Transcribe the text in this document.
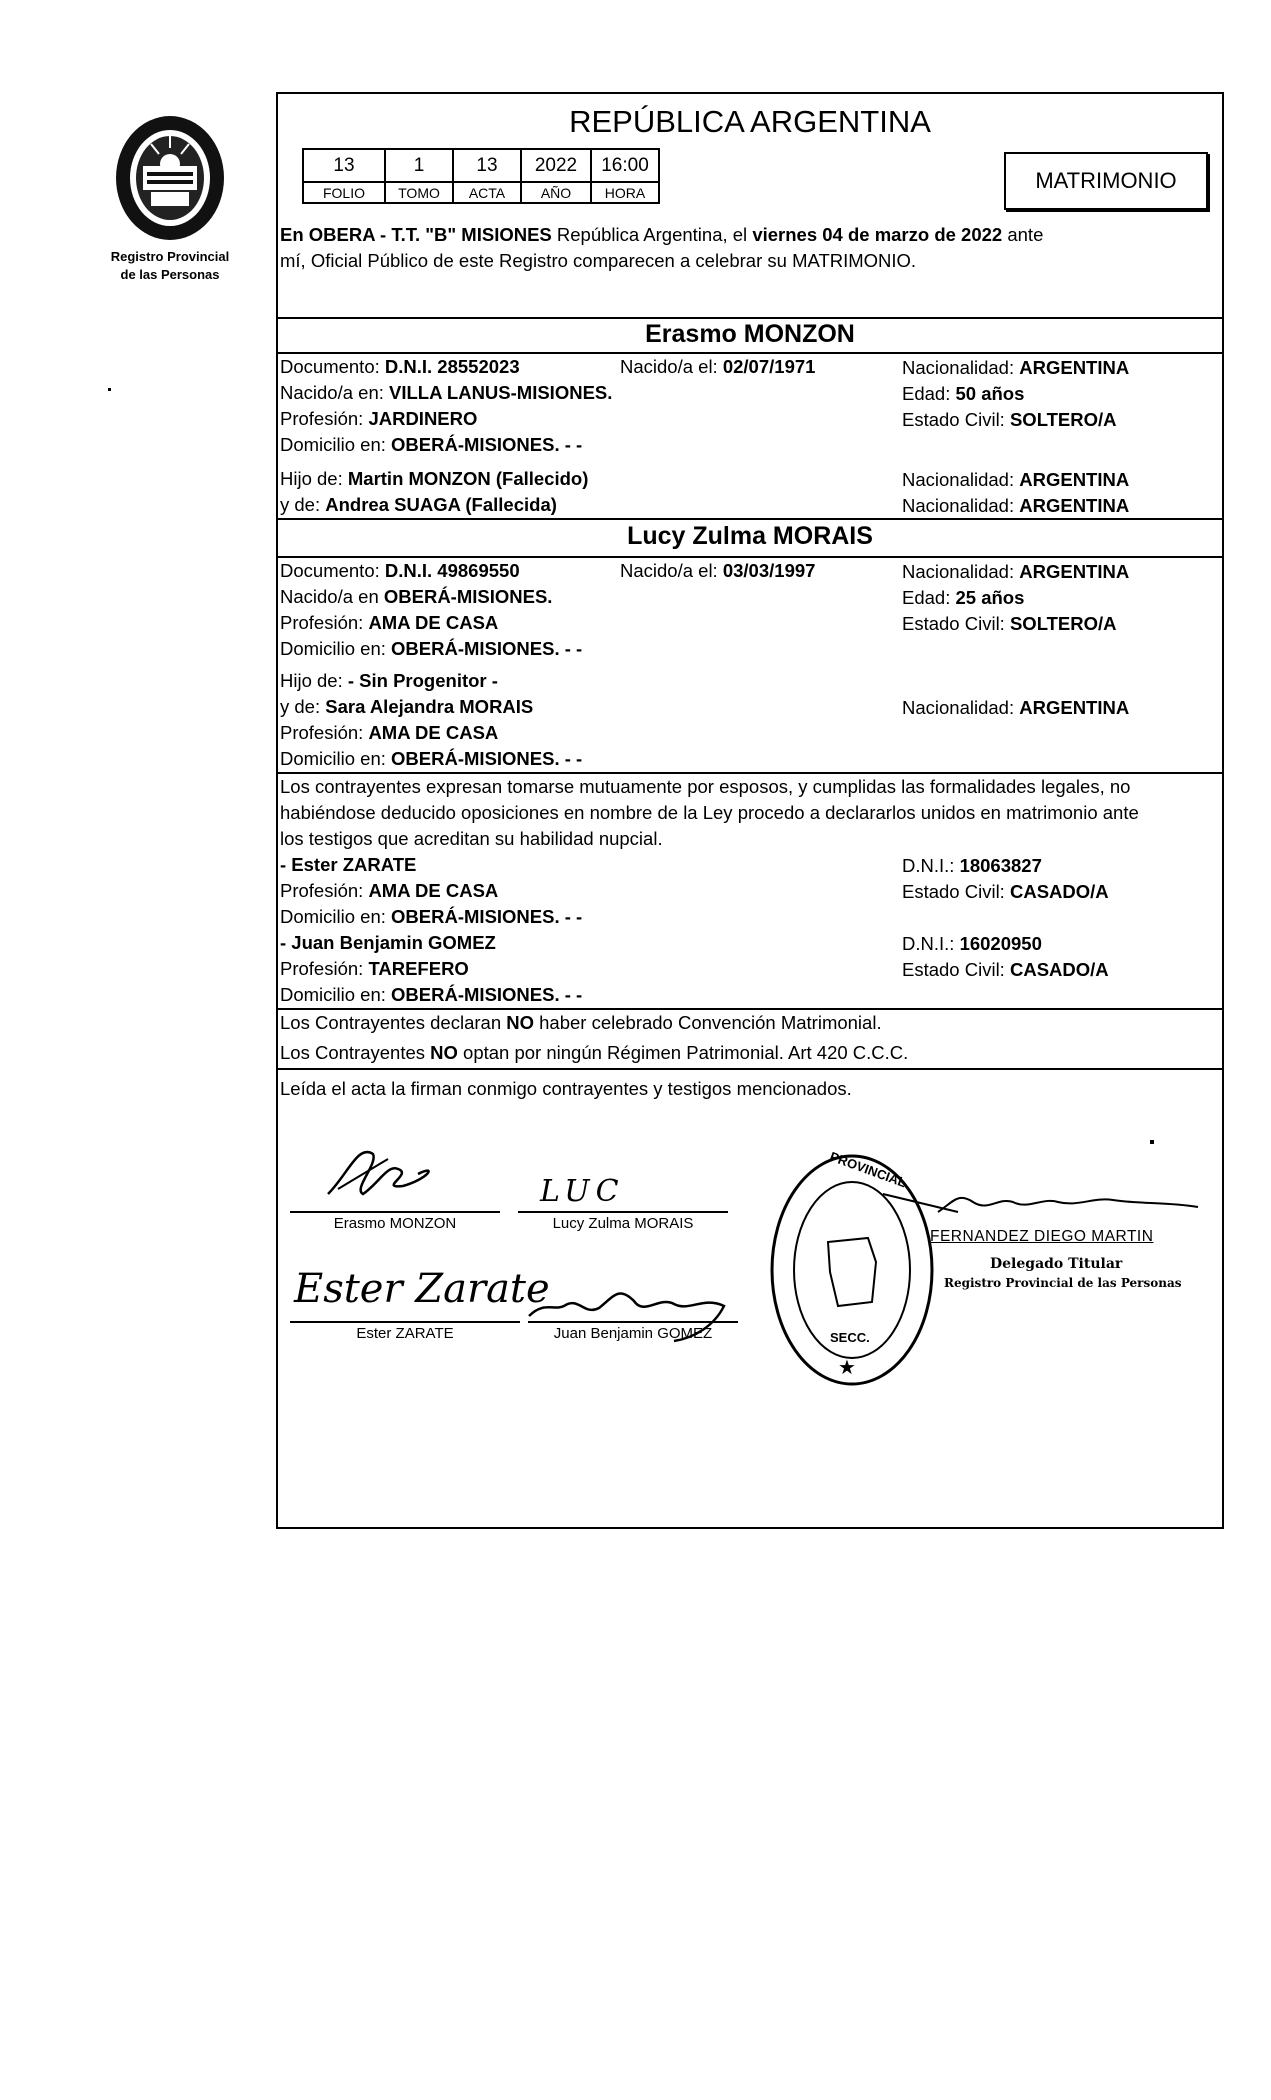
Registro Provincial
de las Personas
REPÚBLICA ARGENTINA
13	1	13	2022	16:00
FOLIO	TOMO	ACTA	AÑO	HORA	MATRIMONIO
En OBERA - T.T. "B" MISIONES República Argentina, el viernes 04 de marzo de 2022 ante
mí, Oficial Público de este Registro comparecen a celebrar su MATRIMONIO.
Erasmo MONZON
Documento: D.N.I. 28552023	Nacido/a el: 02/07/1971	Nacionalidad: ARGENTINA
Nacido/a en: VILLA LANUS-MISIONES.	Edad: 50 años
Profesión: JARDINERO	Estado Civil: SOLTERO/A
Domicilio en: OBERÁ-MISIONES. - -
Hijo de: Martin MONZON (Fallecido)	Nacionalidad: ARGENTINA
y de: Andrea SUAGA (Fallecida)	Nacionalidad: ARGENTINA
Lucy Zulma MORAIS
Documento: D.N.I. 49869550	Nacido/a el: 03/03/1997	Nacionalidad: ARGENTINA
Nacido/a en OBERÁ-MISIONES.	Edad: 25 años
Profesión: AMA DE CASA	Estado Civil: SOLTERO/A
Domicilio en: OBERÁ-MISIONES. - -
Hijo de: - Sin Progenitor -
y de: Sara Alejandra MORAIS	Nacionalidad: ARGENTINA
Profesión: AMA DE CASA
Domicilio en: OBERÁ-MISIONES. - -
Los contrayentes expresan tomarse mutuamente por esposos, y cumplidas las formalidades legales, no
habiéndose deducido oposiciones en nombre de la Ley procedo a declararlos unidos en matrimonio ante
los testigos que acreditan su habilidad nupcial.
- Ester ZARATE	D.N.I.: 18063827
Profesión: AMA DE CASA	Estado Civil: CASADO/A
Domicilio en: OBERÁ-MISIONES. - -
- Juan Benjamin GOMEZ	D.N.I.: 16020950
Profesión: TAREFERO	Estado Civil: CASADO/A
Domicilio en: OBERÁ-MISIONES. - -
Los Contrayentes declaran NO haber celebrado Convención Matrimonial.
Los Contrayentes NO optan por ningún Régimen Patrimonial. Art 420 C.C.C.
Leída el acta la firman conmigo contrayentes y testigos mencionados.
Erasmo MONZON
LUC
Lucy Zulma MORAIS
Ester Zarate
Ester ZARATE	Juan Benjamin GOMEZ
★
PROVINCIAL
SECC.
FERNANDEZ DIEGO MARTIN
Delegado Titular
Registro Provincial de las Personas
